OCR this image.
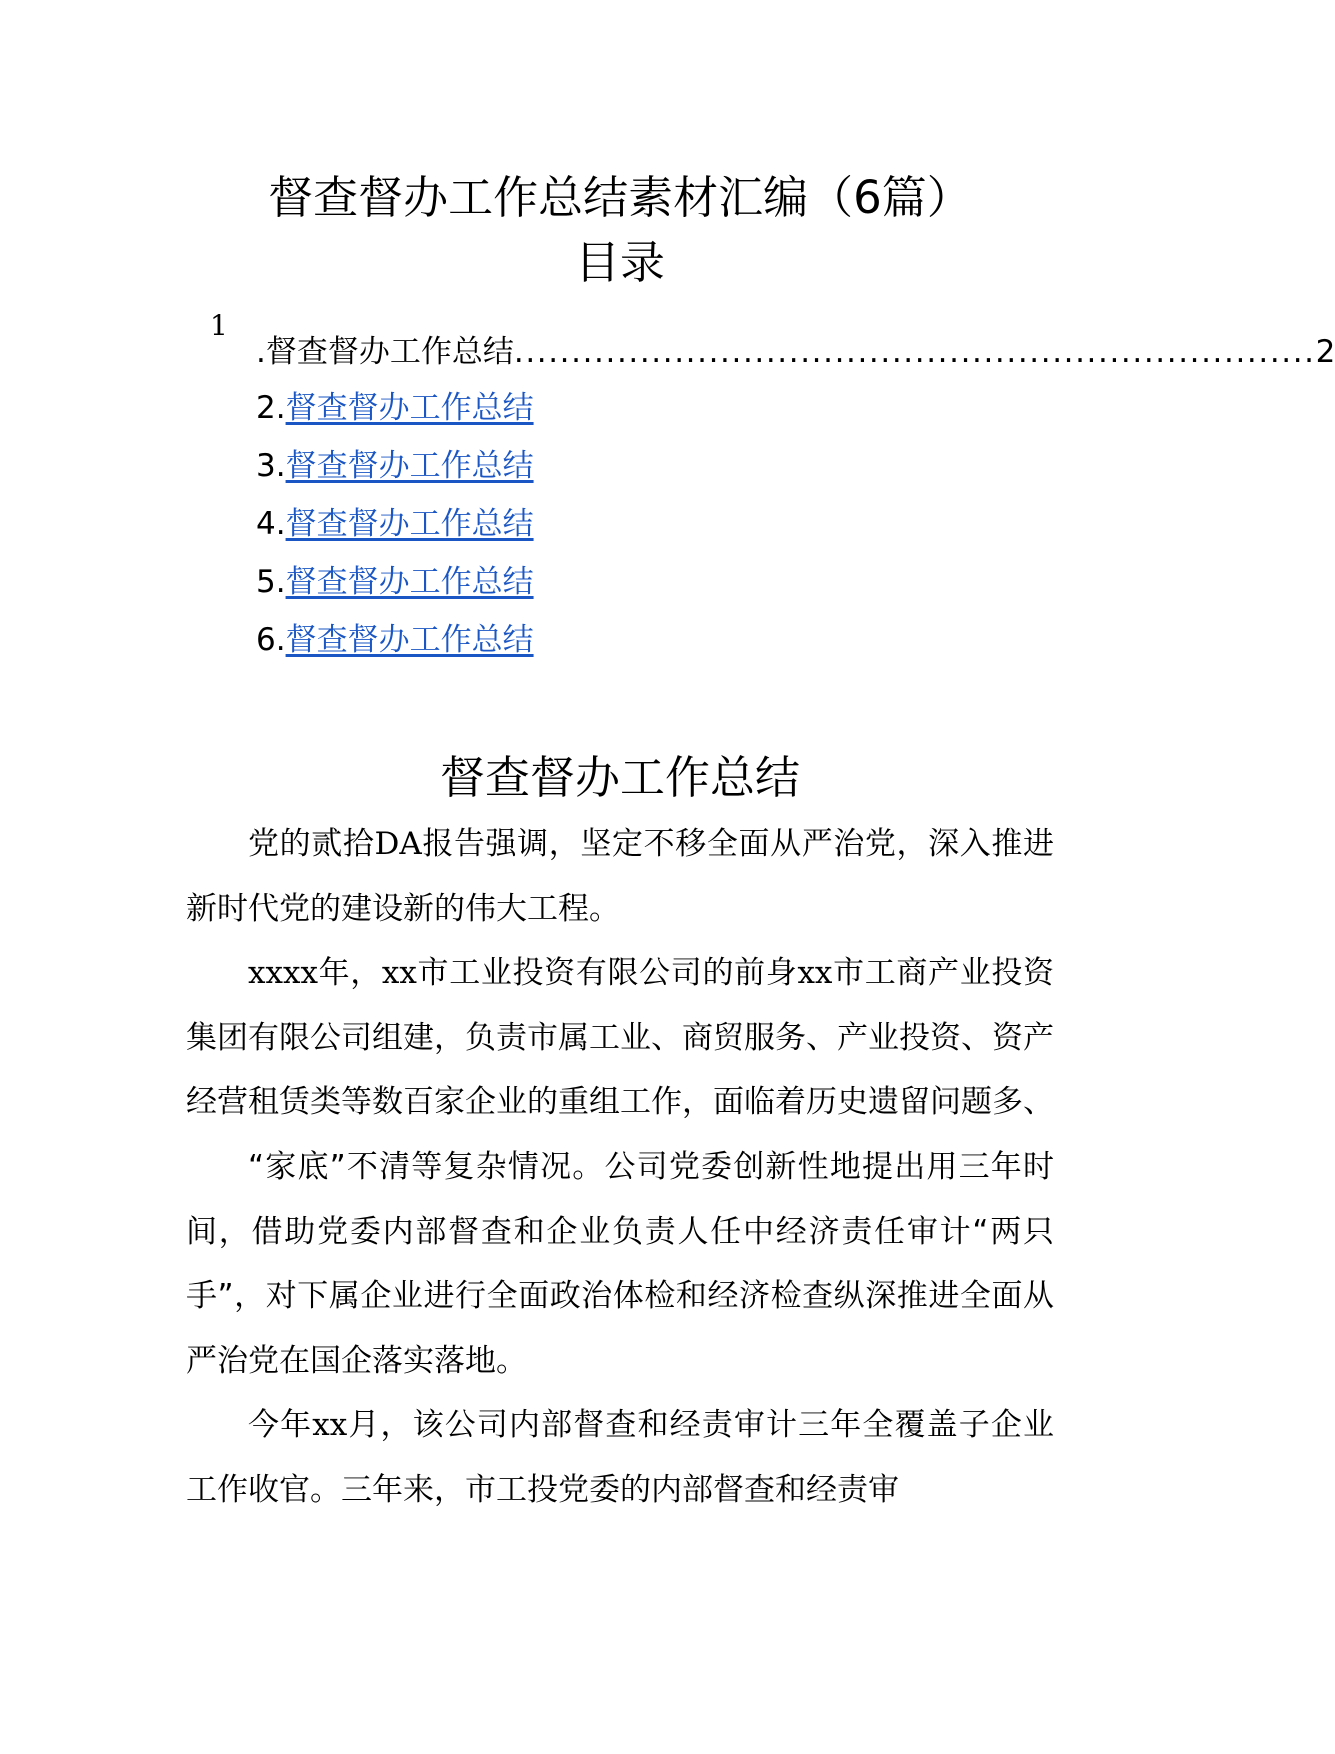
督查督办工作总结素材汇编（6篇）
目录
1
.督查督办工作总结 ...................................................................... 2
2.督查督办工作总结
3.督查督办工作总结
4.督查督办工作总结
5.督查督办工作总结
6.督查督办工作总结
督查督办工作总结

党的贰拾DA报告强调，坚定不移全面从严治党，深入推进新时代党的建设新的伟大工程。

xxxx年，xx市工业投资有限公司的前身xx市工商产业投资集团有限公司组建，负责市属工业、商贸服务、产业投资、资产经营租赁类等数百家企业的重组工作，面临着历史遗留问题多、

“家底”不清等复杂情况。公司党委创新性地提出用三年时间，借助党委内部督查和企业负责人任中经济责任审计“两只手”，对下属企业进行全面政治体检和经济检查纵深推进全面从严治党在国企落实落地。

今年xx月，该公司内部督查和经责审计三年全覆盖子企业工作收官。三年来，市工投党委的内部督查和经责审
